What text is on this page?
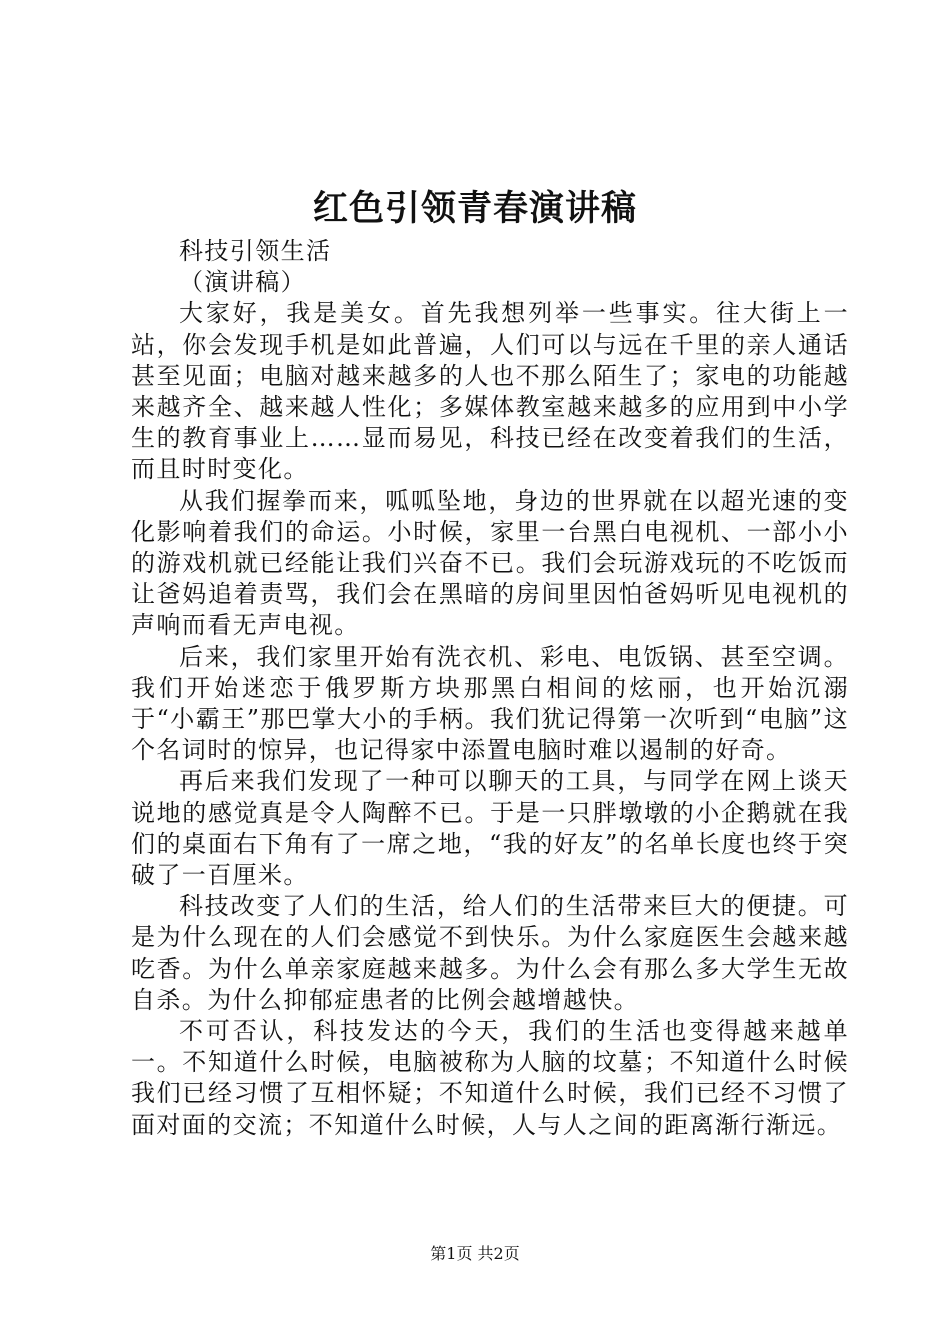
红色引领青春演讲稿

科技引领生活

（演讲稿）

大家好，我是美女。首先我想列举一些事实。往大街上一站，你会发现手机是如此普遍，人们可以与远在千里的亲人通话甚至见面；电脑对越来越多的人也不那么陌生了；家电的功能越来越齐全、越来越人性化；多媒体教室越来越多的应用到中小学生的教育事业上……显而易见，科技已经在改变着我们的生活，而且时时变化。

从我们握拳而来，呱呱坠地，身边的世界就在以超光速的变化影响着我们的命运。小时候，家里一台黑白电视机、一部小小的游戏机就已经能让我们兴奋不已。我们会玩游戏玩的不吃饭而让爸妈追着责骂，我们会在黑暗的房间里因怕爸妈听见电视机的声响而看无声电视。

后来，我们家里开始有洗衣机、彩电、电饭锅、甚至空调。我们开始迷恋于俄罗斯方块那黑白相间的炫丽，也开始沉溺于“小霸王”那巴掌大小的手柄。我们犹记得第一次听到“电脑”这个名词时的惊异，也记得家中添置电脑时难以遏制的好奇。

再后来我们发现了一种可以聊天的工具，与同学在网上谈天说地的感觉真是令人陶醉不已。于是一只胖墩墩的小企鹅就在我们的桌面右下角有了一席之地，“我的好友”的名单长度也终于突破了一百厘米。

科技改变了人们的生活，给人们的生活带来巨大的便捷。可是为什么现在的人们会感觉不到快乐。为什么家庭医生会越来越吃香。为什么单亲家庭越来越多。为什么会有那么多大学生无故自杀。为什么抑郁症患者的比例会越增越快。

不可否认，科技发达的今天，我们的生活也变得越来越单一。不知道什么时候，电脑被称为人脑的坟墓；不知道什么时候我们已经习惯了互相怀疑；不知道什么时候，我们已经不习惯了面对面的交流；不知道什么时候，人与人之间的距离渐行渐远。

第1页 共2页
